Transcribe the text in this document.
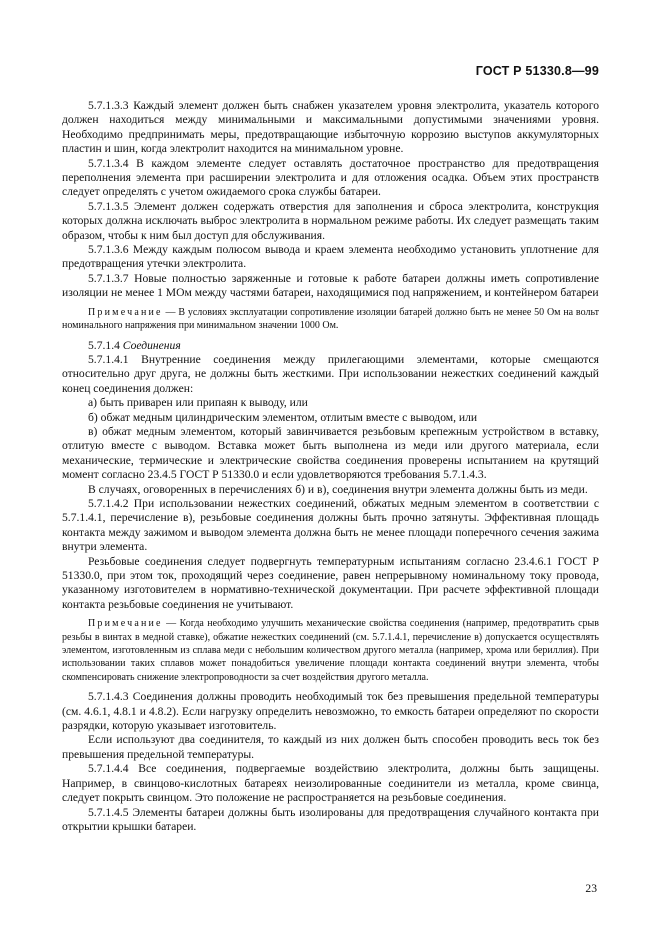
ГОСТ Р 51330.8—99

5.7.1.3.3 Каждый элемент должен быть снабжен указателем уровня электролита, указатель которого должен находиться между минимальными и максимальными допустимыми значениями уровня. Необходимо предпринимать меры, предотвращающие избыточную коррозию выступов аккумуляторных пластин и шин, когда электролит находится на минимальном уровне.

5.7.1.3.4 В каждом элементе следует оставлять достаточное пространство для предотвращения переполнения элемента при расширении электролита и для отложения осадка. Объем этих пространств следует определять с учетом ожидаемого срока службы батареи.

5.7.1.3.5 Элемент должен содержать отверстия для заполнения и сброса электролита, конструкция которых должна исключать выброс электролита в нормальном режиме работы. Их следует размещать таким образом, чтобы к ним был доступ для обслуживания.

5.7.1.3.6 Между каждым полюсом вывода и краем элемента необходимо установить уплотнение для предотвращения утечки электролита.

5.7.1.3.7 Новые полностью заряженные и готовые к работе батареи должны иметь сопротивление изоляции не менее 1 МОм между частями батареи, находящимися под напряжением, и контейнером батареи

Примечание — В условиях эксплуатации сопротивление изоляции батарей должно быть не менее 50 Ом на вольт номинального напряжения при минимальном значении 1000 Ом.

5.7.1.4 Соединения

5.7.1.4.1 Внутренние соединения между прилегающими элементами, которые смещаются относительно друг друга, не должны быть жесткими. При использовании нежестких соединений каждый конец соединения должен:

а) быть приварен или припаян к выводу, или

б) обжат медным цилиндрическим элементом, отлитым вместе с выводом, или

в) обжат медным элементом, который завинчивается резьбовым крепежным устройством в вставку, отлитую вместе с выводом. Вставка может быть выполнена из меди или другого материала, если механические, термические и электрические свойства соединения проверены испытанием на крутящий момент согласно 23.4.5 ГОСТ Р 51330.0 и если удовлетворяются требования 5.7.1.4.3.

В случаях, оговоренных в перечислениях б) и в), соединения внутри элемента должны быть из меди.

5.7.1.4.2 При использовании нежестких соединений, обжатых медным элементом в соответствии с 5.7.1.4.1, перечисление в), резьбовые соединения должны быть прочно затянуты. Эффективная площадь контакта между зажимом и выводом элемента должна быть не менее площади поперечного сечения зажима внутри элемента.

Резьбовые соединения следует подвергнуть температурным испытаниям согласно 23.4.6.1 ГОСТ Р 51330.0, при этом ток, проходящий через соединение, равен непрерывному номинальному току провода, указанному изготовителем в нормативно-технической документации. При расчете эффективной площади контакта резьбовые соединения не учитывают.

Примечание — Когда необходимо улучшить механические свойства соединения (например, предотвратить срыв резьбы в винтах в медной ставке), обжатие нежестких соединений (см. 5.7.1.4.1, перечисление в) допускается осуществлять элементом, изготовленным из сплава меди с небольшим количеством другого металла (например, хрома или бериллия). При использовании таких сплавов может понадобиться увеличение площади контакта соединений внутри элемента, чтобы скомпенсировать снижение электропроводности за счет воздействия другого металла.

5.7.1.4.3 Соединения должны проводить необходимый ток без превышения предельной температуры (см. 4.6.1, 4.8.1 и 4.8.2). Если нагрузку определить невозможно, то емкость батареи определяют по скорости разрядки, которую указывает изготовитель.

Если используют два соединителя, то каждый из них должен быть способен проводить весь ток без превышения предельной температуры.

5.7.1.4.4 Все соединения, подвергаемые воздействию электролита, должны быть защищены. Например, в свинцово-кислотных батареях неизолированные соединители из металла, кроме свинца, следует покрыть свинцом. Это положение не распространяется на резьбовые соединения.

5.7.1.4.5 Элементы батареи должны быть изолированы для предотвращения случайного контакта при открытии крышки батареи.

23
